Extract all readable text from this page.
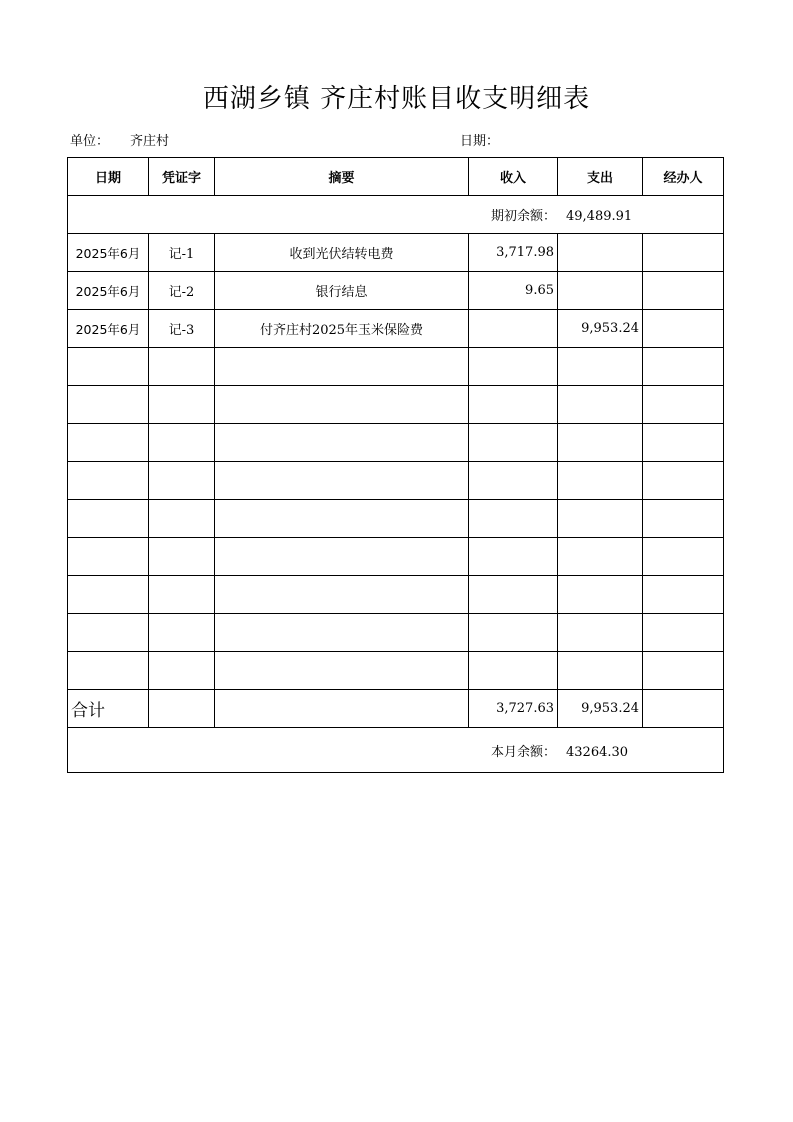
西湖乡镇 齐庄村账目收支明细表
单位： 齐庄村	日期：
日期	凭证字	摘要	收入	支出	经办人
期初余额： 49,489.91					
2025年6月	记-1	收到光伏结转电费	3,717.98		
2025年6月	记-2	银行结息	9.65		
2025年6月	记-3	付齐庄村2025年玉米保险费		9,953.24	

合计			3,727.63	9,953.24	
本月余额： 43264.30					
